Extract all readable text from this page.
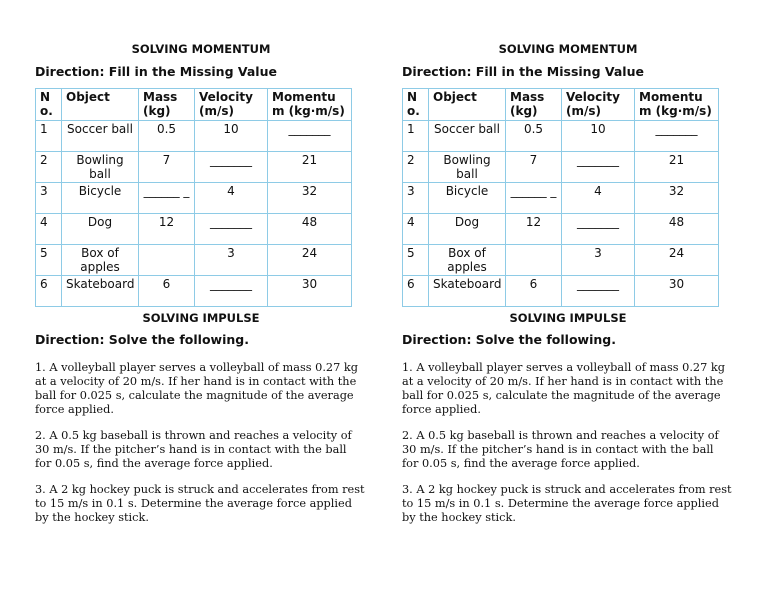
SOLVING MOMENTUM
Direction: Fill in the Missing Value
N o.	Object	Mass (kg)	Velocity (m/s)	Momentu m (kg·m/s)
1	Soccer ball	0.5	10	_______
2	Bowling ball	7	_______	21
3	Bicycle	______ _	4	32
4	Dog	12	_______	48
5	Box of apples		3	24
6	Skateboard	6	_______	30
SOLVING IMPULSE
Direction: Solve the following.

1. A volleyball player serves a volleyball of mass 0.27 kg at a velocity of 20 m/s. If her hand is in contact with the ball for 0.025 s, calculate the magnitude of the average force applied.

2. A 0.5 kg baseball is thrown and reaches a velocity of 30 m/s. If the pitcher’s hand is in contact with the ball for 0.05 s, find the average force applied.

3. A 2 kg hockey puck is struck and accelerates from rest to 15 m/s in 0.1 s. Determine the average force applied by the hockey stick.

SOLVING MOMENTUM
Direction: Fill in the Missing Value
N o.	Object	Mass (kg)	Velocity (m/s)	Momentu m (kg·m/s)
1	Soccer ball	0.5	10	_______
2	Bowling ball	7	_______	21
3	Bicycle	______ _	4	32
4	Dog	12	_______	48
5	Box of apples		3	24
6	Skateboard	6	_______	30
SOLVING IMPULSE
Direction: Solve the following.

1. A volleyball player serves a volleyball of mass 0.27 kg at a velocity of 20 m/s. If her hand is in contact with the ball for 0.025 s, calculate the magnitude of the average force applied.

2. A 0.5 kg baseball is thrown and reaches a velocity of 30 m/s. If the pitcher’s hand is in contact with the ball for 0.05 s, find the average force applied.

3. A 2 kg hockey puck is struck and accelerates from rest to 15 m/s in 0.1 s. Determine the average force applied by the hockey stick.
